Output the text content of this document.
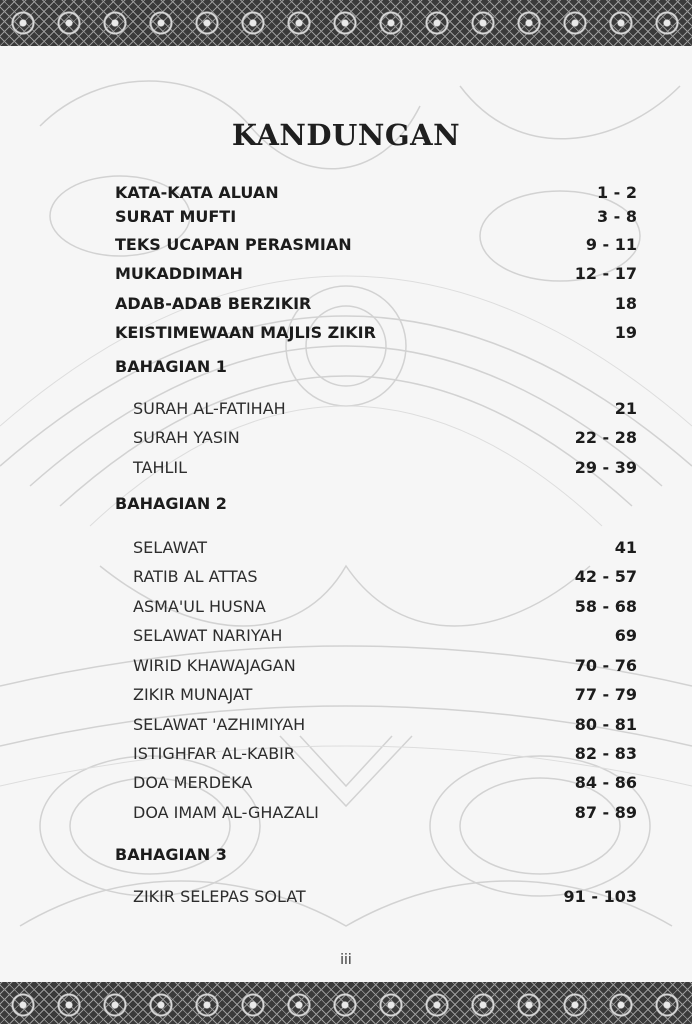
KANDUNGAN
KATA-KATA ALUAN	1 - 2
SURAT MUFTI	3 - 8
TEKS UCAPAN PERASMIAN	9 - 11
MUKADDIMAH	12 - 17
ADAB-ADAB BERZIKIR	18
KEISTIMEWAAN MAJLIS ZIKIR	19
BAHAGIAN 1
SURAH AL-FATIHAH	21
SURAH YASIN	22 - 28
TAHLIL	29 - 39
BAHAGIAN 2
SELAWAT	41
RATIB AL ATTAS	42 - 57
ASMA'UL HUSNA	58 - 68
SELAWAT NARIYAH	69
WIRID KHAWAJAGAN	70 - 76
ZIKIR MUNAJAT	77 - 79
SELAWAT 'AZHIMIYAH	80 - 81
ISTIGHFAR AL-KABIR	82 - 83
DOA MERDEKA	84 - 86
DOA IMAM AL-GHAZALI	87 - 89
BAHAGIAN 3
ZIKIR SELEPAS SOLAT	91 - 103
iii
